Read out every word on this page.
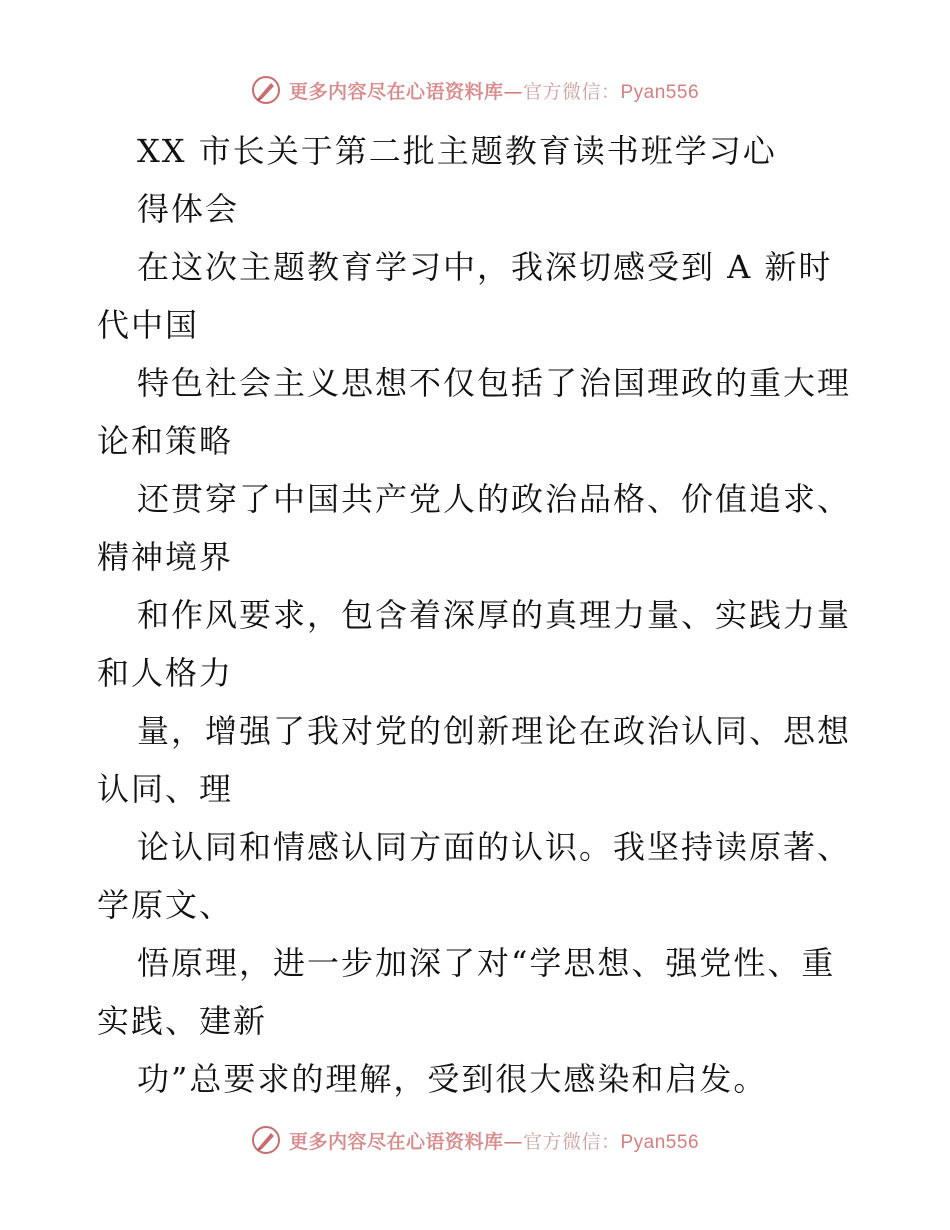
更多内容尽在心语资料库—官方微信：Pyan556
XX 市长关于第二批主题教育读书班学习心
得体会
在这次主题教育学习中，我深切感受到 A 新时
代中国
特色社会主义思想不仅包括了治国理政的重大理
论和策略
还贯穿了中国共产党人的政治品格、价值追求、
精神境界
和作风要求，包含着深厚的真理力量、实践力量
和人格力
量，增强了我对党的创新理论在政治认同、思想
认同、理
论认同和情感认同方面的认识。我坚持读原著、
学原文、
悟原理，进一步加深了对“学思想、强党性、重
实践、建新
功”总要求的理解，受到很大感染和启发。
更多内容尽在心语资料库—官方微信：Pyan556
